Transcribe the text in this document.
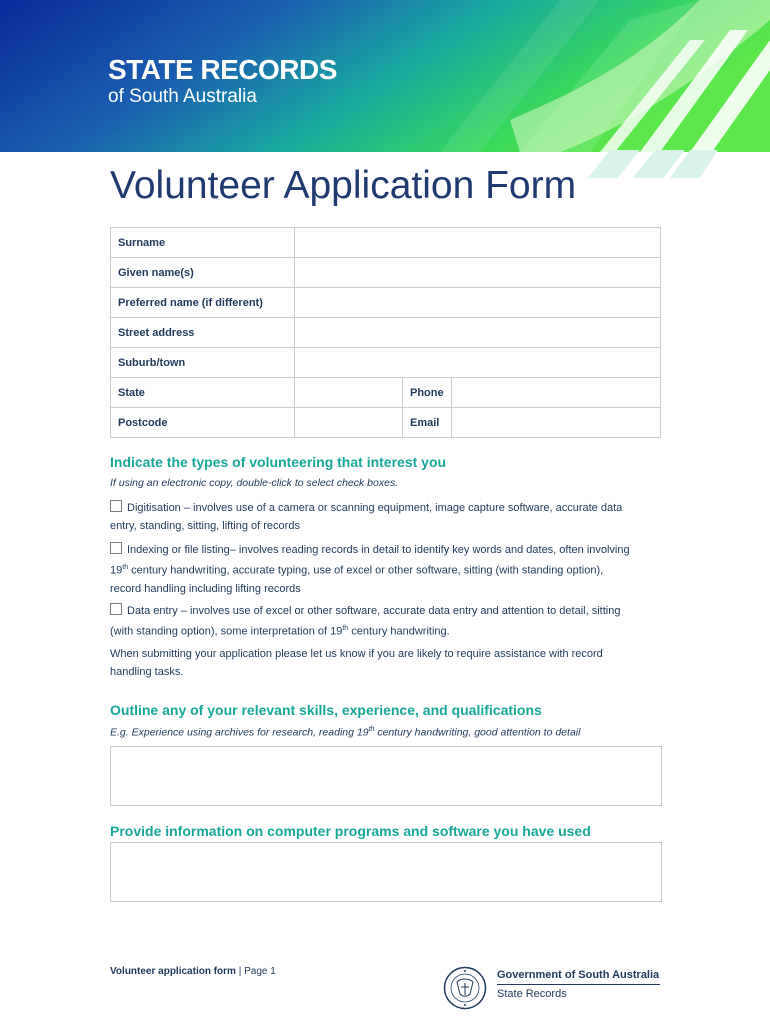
STATE RECORDS
of South Australia
Volunteer Application Form
Surname			
Given name(s)			
Preferred name (if different)			
Street address			
Suburb/town			
State		Phone	
Postcode		Email	
Indicate the types of volunteering that interest you
If using an electronic copy, double-click to select check boxes.

Digitisation – involves use of a camera or scanning equipment, image capture software, accurate data
entry, standing, sitting, lifting of records

Indexing or file listing– involves reading records in detail to identify key words and dates, often involving
19th century handwriting, accurate typing, use of excel or other software, sitting (with standing option),
record handling including lifting records

Data entry – involves use of excel or other software, accurate data entry and attention to detail, sitting
(with standing option), some interpretation of 19th century handwriting.

When submitting your application please let us know if you are likely to require assistance with record
handling tasks.

Outline any of your relevant skills, experience, and qualifications
E.g. Experience using archives for research, reading 19th century handwriting, good attention to detail
Provide information on computer programs and software you have used
Volunteer application form | Page 1	Government of South Australia
State Records
